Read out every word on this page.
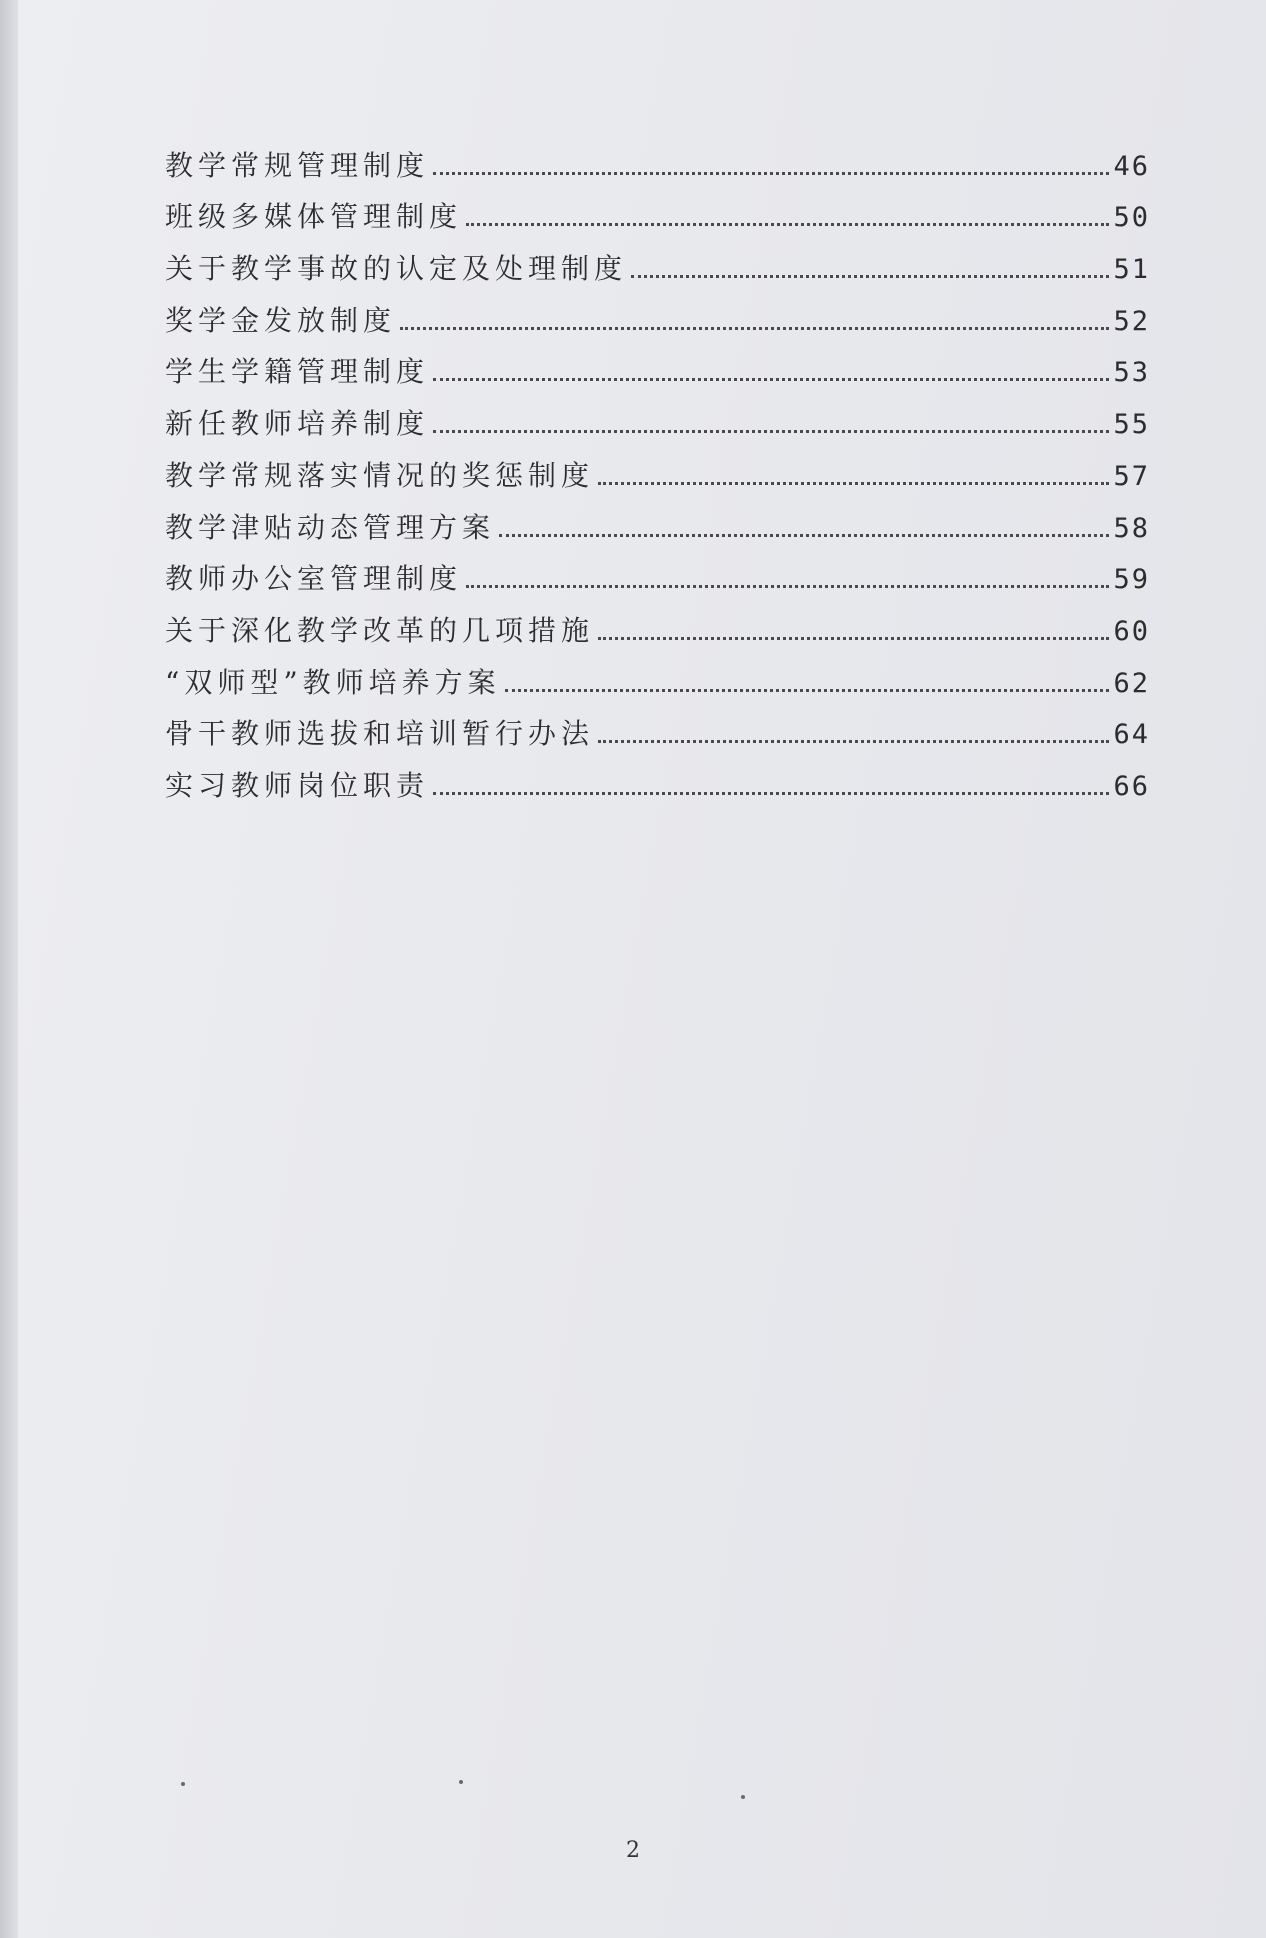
教学常规管理制度	46
班级多媒体管理制度	50
关于教学事故的认定及处理制度	51
奖学金发放制度	52
学生学籍管理制度	53
新任教师培养制度	55
教学常规落实情况的奖惩制度	57
教学津贴动态管理方案	58
教师办公室管理制度	59
关于深化教学改革的几项措施	60
“双师型”教师培养方案	62
骨干教师选拔和培训暂行办法	64
实习教师岗位职责	66
2
